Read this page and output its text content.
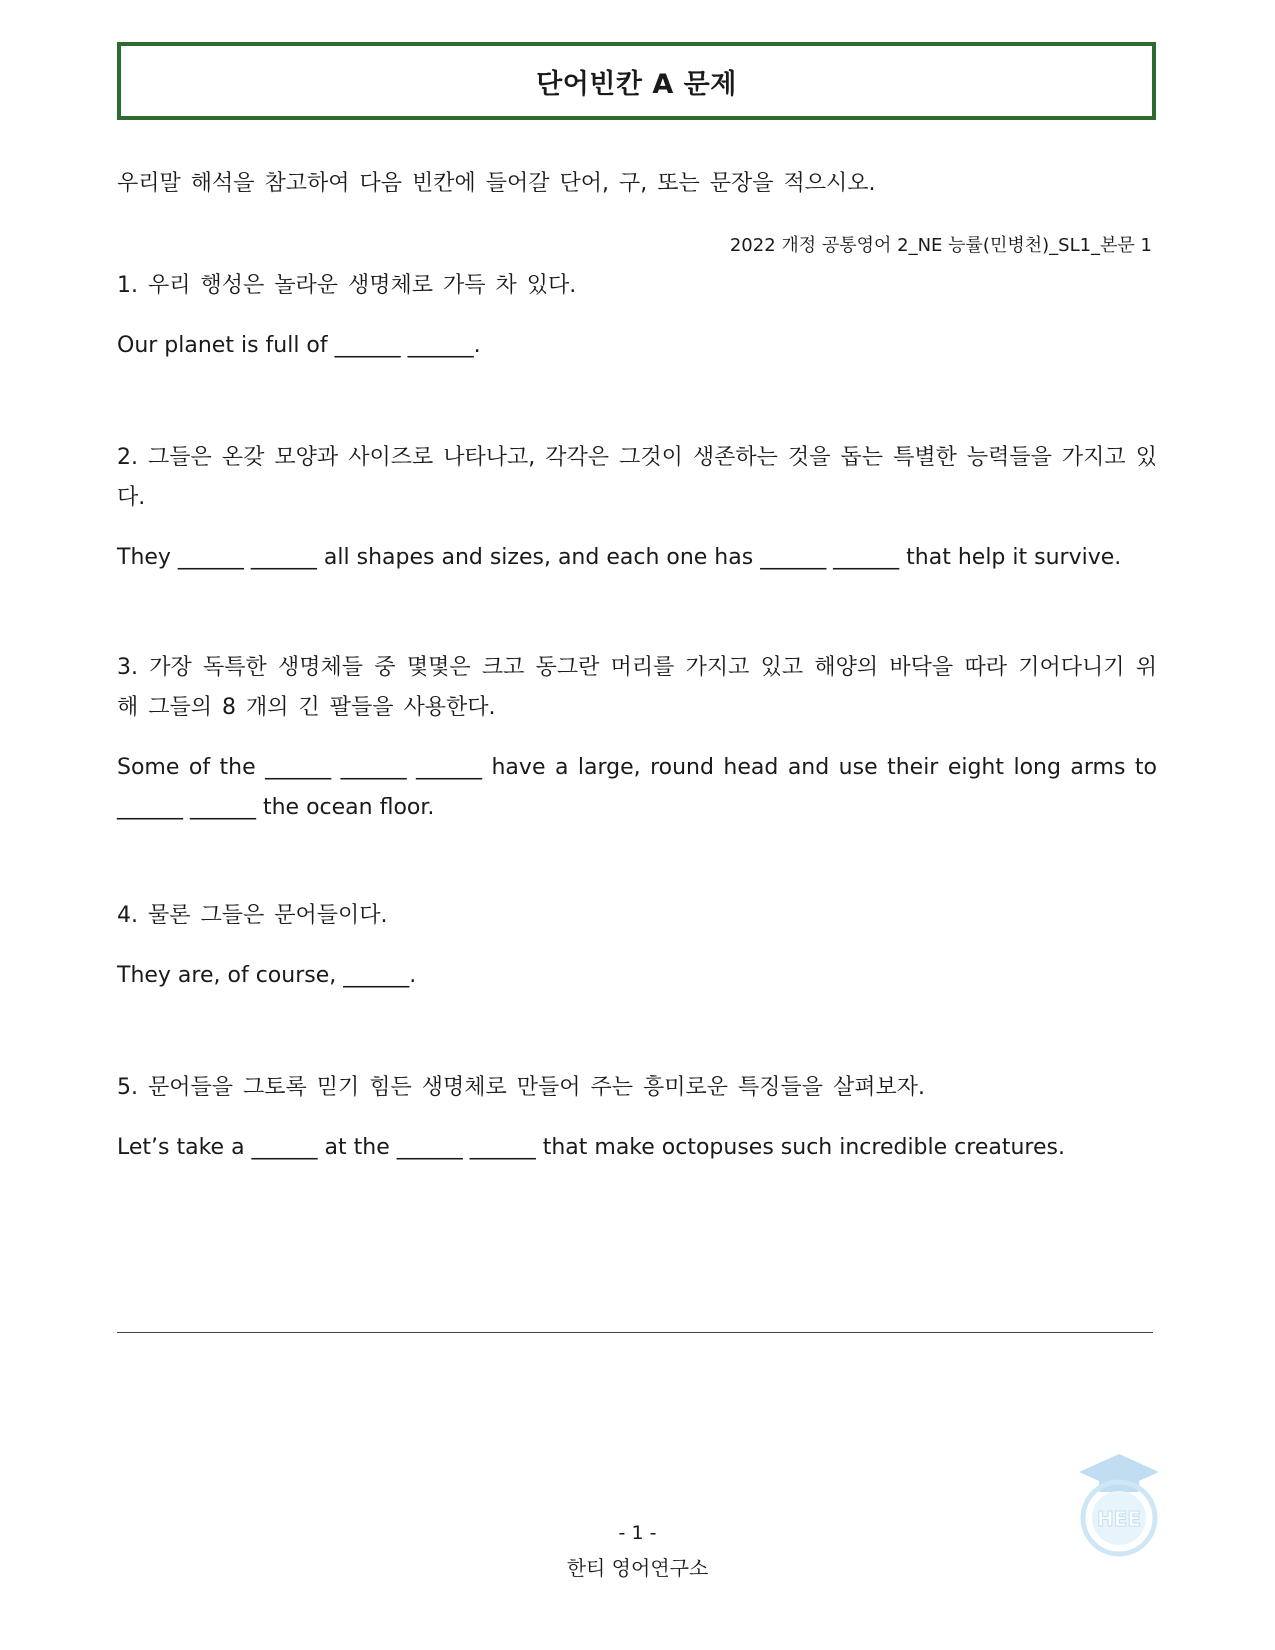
단어빈칸 A 문제
우리말 해석을 참고하여 다음 빈칸에 들어갈 단어, 구, 또는 문장을 적으시오.
2022 개정 공통영어 2_NE 능률(민병천)_SL1_본문 1

1. 우리 행성은 놀라운 생명체로 가득 차 있다.

Our planet is full of ______ ______.

2. 그들은 온갖 모양과 사이즈로 나타나고, 각각은 그것이 생존하는 것을 돕는 특별한 능력들을 가지고 있다.

They ______ ______ all shapes and sizes, and each one has ______ ______ that help it survive.

3. 가장 독특한 생명체들 중 몇몇은 크고 동그란 머리를 가지고 있고 해양의 바닥을 따라 기어다니기 위해 그들의 8 개의 긴 팔들을 사용한다.

Some of the ______ ______ ______ have a large, round head and use their eight long arms to ______ ______ the ocean floor.

4. 물론 그들은 문어들이다.

They are, of course, ______.

5. 문어들을 그토록 믿기 힘든 생명체로 만들어 주는 흥미로운 특징들을 살펴보자.

Let’s take a ______ at the ______ ______ that make octopuses such incredible creatures.

HEE
- 1 -
한티 영어연구소
